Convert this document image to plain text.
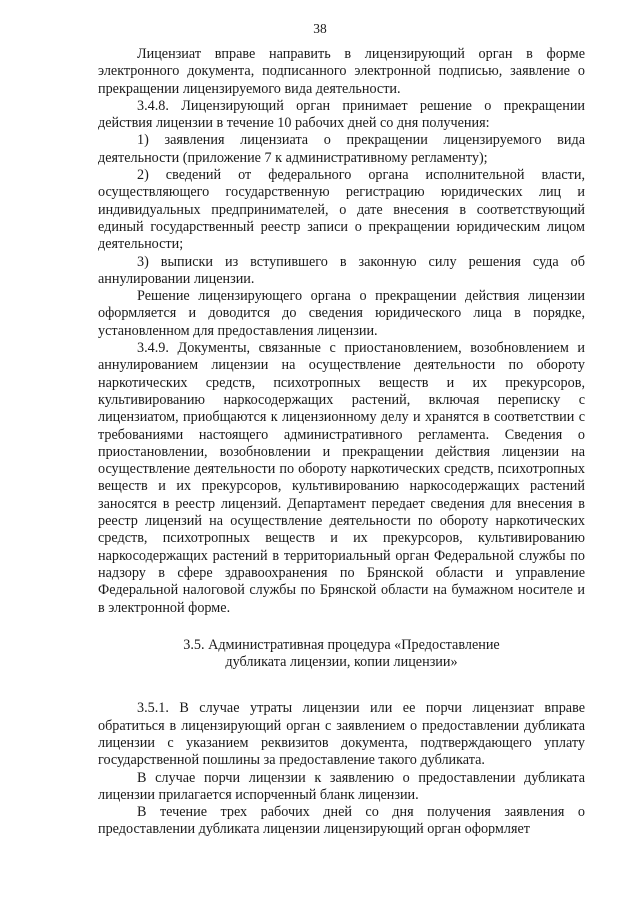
38

Лицензиат вправе направить в лицензирующий орган в форме электронного документа, подписанного электронной подписью, заявление о прекращении лицензируемого вида деятельности.

3.4.8. Лицензирующий орган принимает решение о прекращении действия лицензии в течение 10 рабочих дней со дня получения:

1) заявления лицензиата о прекращении лицензируемого вида деятельности (приложение 7 к административному регламенту);

2) сведений от федерального органа исполнительной власти, осуществляющего государственную регистрацию юридических лиц и индивидуальных предпринимателей, о дате внесения в соответствующий единый государственный реестр записи о прекращении юридическим лицом деятельности;

3) выписки из вступившего в законную силу решения суда об аннулировании лицензии.

Решение лицензирующего органа о прекращении действия лицензии оформляется и доводится до сведения юридического лица в порядке, установленном для предоставления лицензии.

3.4.9. Документы, связанные с приостановлением, возобновлением и аннулированием лицензии на осуществление деятельности по обороту наркотических средств, психотропных веществ и их прекурсоров, культивированию наркосодержащих растений, включая переписку с лицензиатом, приобщаются к лицензионному делу и хранятся в соответствии с требованиями настоящего административного регламента. Сведения о приостановлении, возобновлении и прекращении действия лицензии на осуществление деятельности по обороту наркотических средств, психотропных веществ и их прекурсоров, культивированию наркосодержащих растений заносятся в реестр лицензий. Департамент передает сведения для внесения в реестр лицензий на осуществление деятельности по обороту наркотических средств, психотропных веществ и их прекурсоров, культивированию наркосодержащих растений в территориальный орган Федеральной службы по надзору в сфере здравоохранения по Брянской области и управление Федеральной налоговой службы по Брянской области на бумажном носителе и в электронной форме.

3.5. Административная процедура «Предоставление
дубликата лицензии, копии лицензии»

3.5.1. В случае утраты лицензии или ее порчи лицензиат вправе обратиться в лицензирующий орган с заявлением о предоставлении дубликата лицензии с указанием реквизитов документа, подтверждающего уплату государственной пошлины за предоставление такого дубликата.

В случае порчи лицензии к заявлению о предоставлении дубликата лицензии прилагается испорченный бланк лицензии.

В течение трех рабочих дней со дня получения заявления о предоставлении дубликата лицензии лицензирующий орган оформляет
